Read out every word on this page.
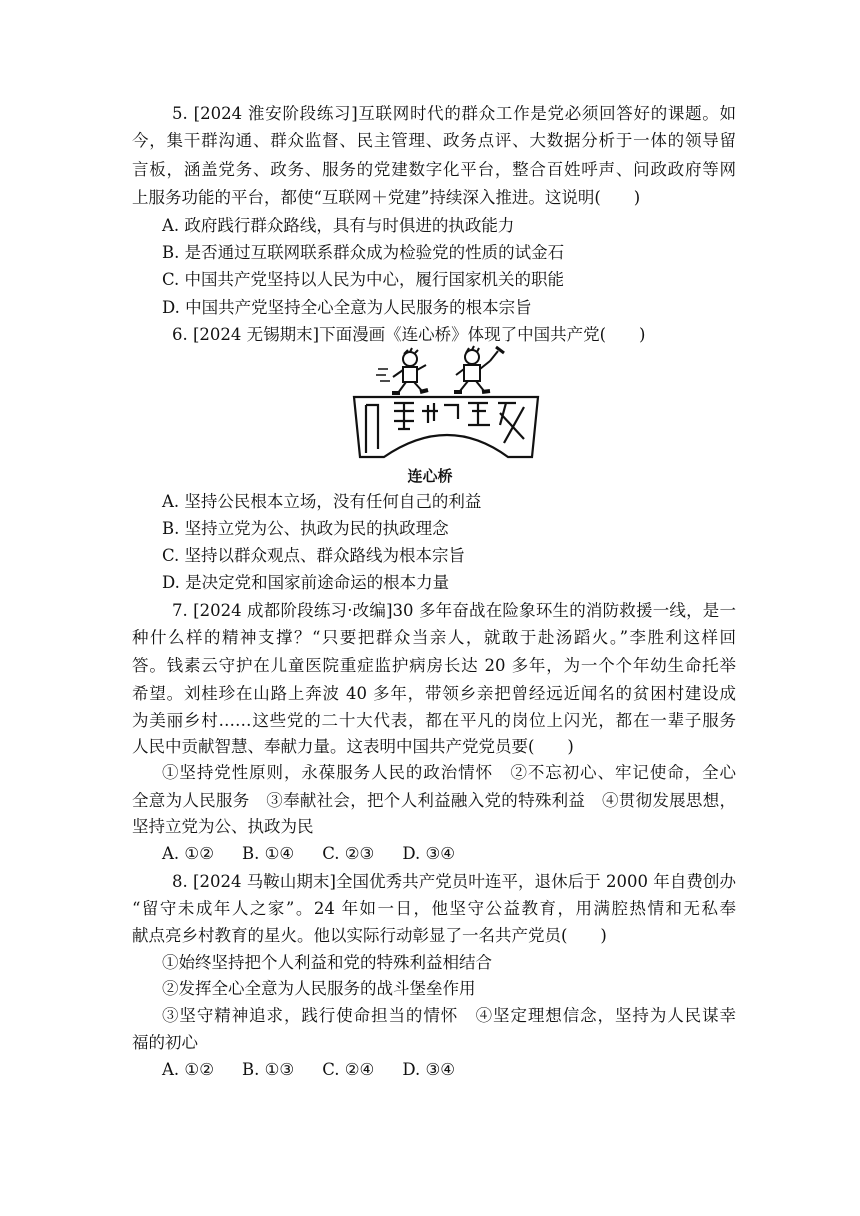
5. [2024 淮安阶段练习]互联网时代的群众工作是党必须回答好的课题。如
今，集干群沟通、群众监督、民主管理、政务点评、大数据分析于一体的领导留
言板，涵盖党务、政务、服务的党建数字化平台，整合百姓呼声、问政政府等网
上服务功能的平台，都使“互联网＋党建”持续深入推进。这说明(　　)
A. 政府践行群众路线，具有与时俱进的执政能力
B. 是否通过互联网联系群众成为检验党的性质的试金石
C. 中国共产党坚持以人民为中心，履行国家机关的职能
D. 中国共产党坚持全心全意为人民服务的根本宗旨
6. [2024 无锡期末]下面漫画《连心桥》体现了中国共产党(　　)
连心桥
A. 坚持公民根本立场，没有任何自己的利益
B. 坚持立党为公、执政为民的执政理念
C. 坚持以群众观点、群众路线为根本宗旨
D. 是决定党和国家前途命运的根本力量
7. [2024 成都阶段练习·改编]30 多年奋战在险象环生的消防救援一线，是一
种什么样的精神支撑？“只要把群众当亲人，就敢于赴汤蹈火。”李胜利这样回
答。钱素云守护在儿童医院重症监护病房长达 20 多年，为一个个年幼生命托举
希望。刘桂珍在山路上奔波 40 多年，带领乡亲把曾经远近闻名的贫困村建设成
为美丽乡村……这些党的二十大代表，都在平凡的岗位上闪光，都在一辈子服务
人民中贡献智慧、奉献力量。这表明中国共产党党员要(　　)
①坚持党性原则，永葆服务人民的政治情怀　②不忘初心、牢记使命，全心
全意为人民服务　③奉献社会，把个人利益融入党的特殊利益　④贯彻发展思想，
坚持立党为公、执政为民
A. ①② B. ①④ C. ②③ D. ③④
8. [2024 马鞍山期末]全国优秀共产党员叶连平，退休后于 2000 年自费创办
“留守未成年人之家”。24 年如一日，他坚守公益教育，用满腔热情和无私奉
献点亮乡村教育的星火。他以实际行动彰显了一名共产党员(　　)
①始终坚持把个人利益和党的特殊利益相结合
②发挥全心全意为人民服务的战斗堡垒作用
③坚守精神追求，践行使命担当的情怀　④坚定理想信念，坚持为人民谋幸
福的初心
A. ①② B. ①③ C. ②④ D. ③④
